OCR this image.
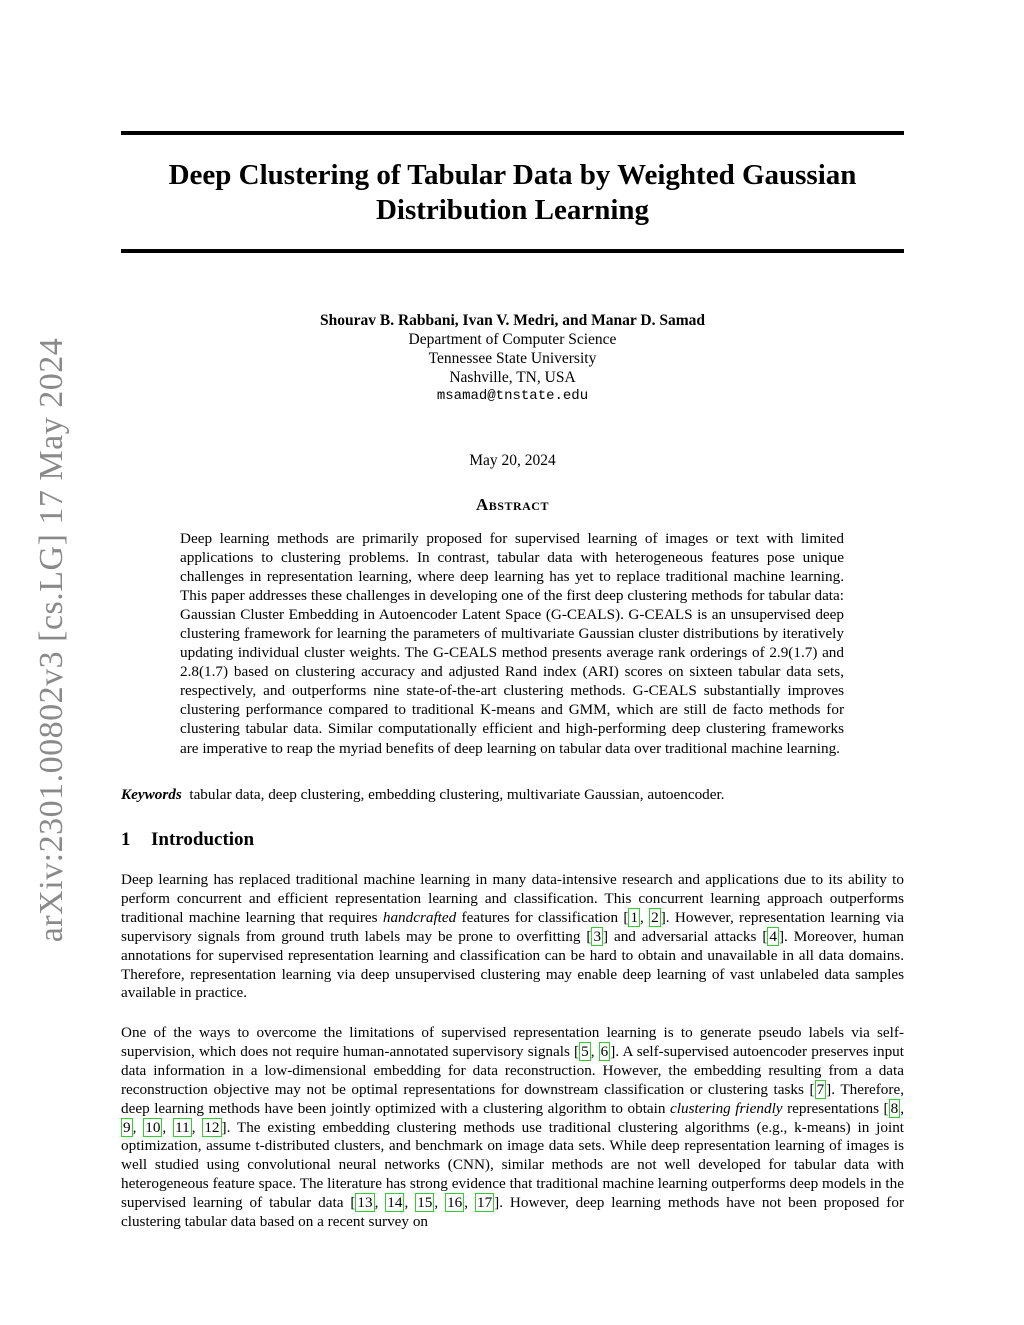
arXiv:2301.00802v3 [cs.LG] 17 May 2024
Deep Clustering of Tabular Data by Weighted Gaussian
Distribution Learning
Shourav B. Rabbani, Ivan V. Medri, and Manar D. Samad
Department of Computer Science
Tennessee State University
Nashville, TN, USA
msamad@tnstate.edu
May 20, 2024
Abstract

Deep learning methods are primarily proposed for supervised learning of images or text with limited applications to clustering problems. In contrast, tabular data with heterogeneous features pose unique challenges in representation learning, where deep learning has yet to replace traditional machine learning. This paper addresses these challenges in developing one of the first deep clustering methods for tabular data: Gaussian Cluster Embedding in Autoencoder Latent Space (G-CEALS). G-CEALS is an unsupervised deep clustering framework for learning the parameters of multivariate Gaussian cluster distributions by iteratively updating individual cluster weights. The G-CEALS method presents average rank orderings of 2.9(1.7) and 2.8(1.7) based on clustering accuracy and adjusted Rand index (ARI) scores on sixteen tabular data sets, respectively, and outperforms nine state-of-the-art clustering methods. G-CEALS substantially improves clustering performance compared to traditional K-means and GMM, which are still de facto methods for clustering tabular data. Similar computationally efficient and high-performing deep clustering frameworks are imperative to reap the myriad benefits of deep learning on tabular data over traditional machine learning.

Keywords tabular data, deep clustering, embedding clustering, multivariate Gaussian, autoencoder.
1 Introduction

Deep learning has replaced traditional machine learning in many data-intensive research and applications due to its ability to perform concurrent and efficient representation learning and classification. This concurrent learning approach outperforms traditional machine learning that requires handcrafted features for classification [ 1 , 2 ]. However, representation learning via supervisory signals from ground truth labels may be prone to overfitting [ 3 ] and adversarial attacks [ 4 ]. Moreover, human annotations for supervised representation learning and classification can be hard to obtain and unavailable in all data domains. Therefore, representation learning via deep unsupervised clustering may enable deep learning of vast unlabeled data samples available in practice.

One of the ways to overcome the limitations of supervised representation learning is to generate pseudo labels via self-supervision, which does not require human-annotated supervisory signals [ 5 , 6 ]. A self-supervised autoencoder preserves input data information in a low-dimensional embedding for data reconstruction. However, the embedding resulting from a data reconstruction objective may not be optimal representations for downstream classification or clustering tasks [ 7 ]. Therefore, deep learning methods have been jointly optimized with a clustering algorithm to obtain clustering friendly representations [ 8 , 9 , 10 , 11 , 12 ]. The existing embedding clustering methods use traditional clustering algorithms (e.g., k-means) in joint optimization, assume t-distributed clusters, and benchmark on image data sets. While deep representation learning of images is well studied using convolutional neural networks (CNN), similar methods are not well developed for tabular data with heterogeneous feature space. The literature has strong evidence that traditional machine learning outperforms deep models in the supervised learning of tabular data [ 13 , 14 , 15 , 16 , 17 ]. However, deep learning methods have not been proposed for clustering tabular data based on a recent survey on
